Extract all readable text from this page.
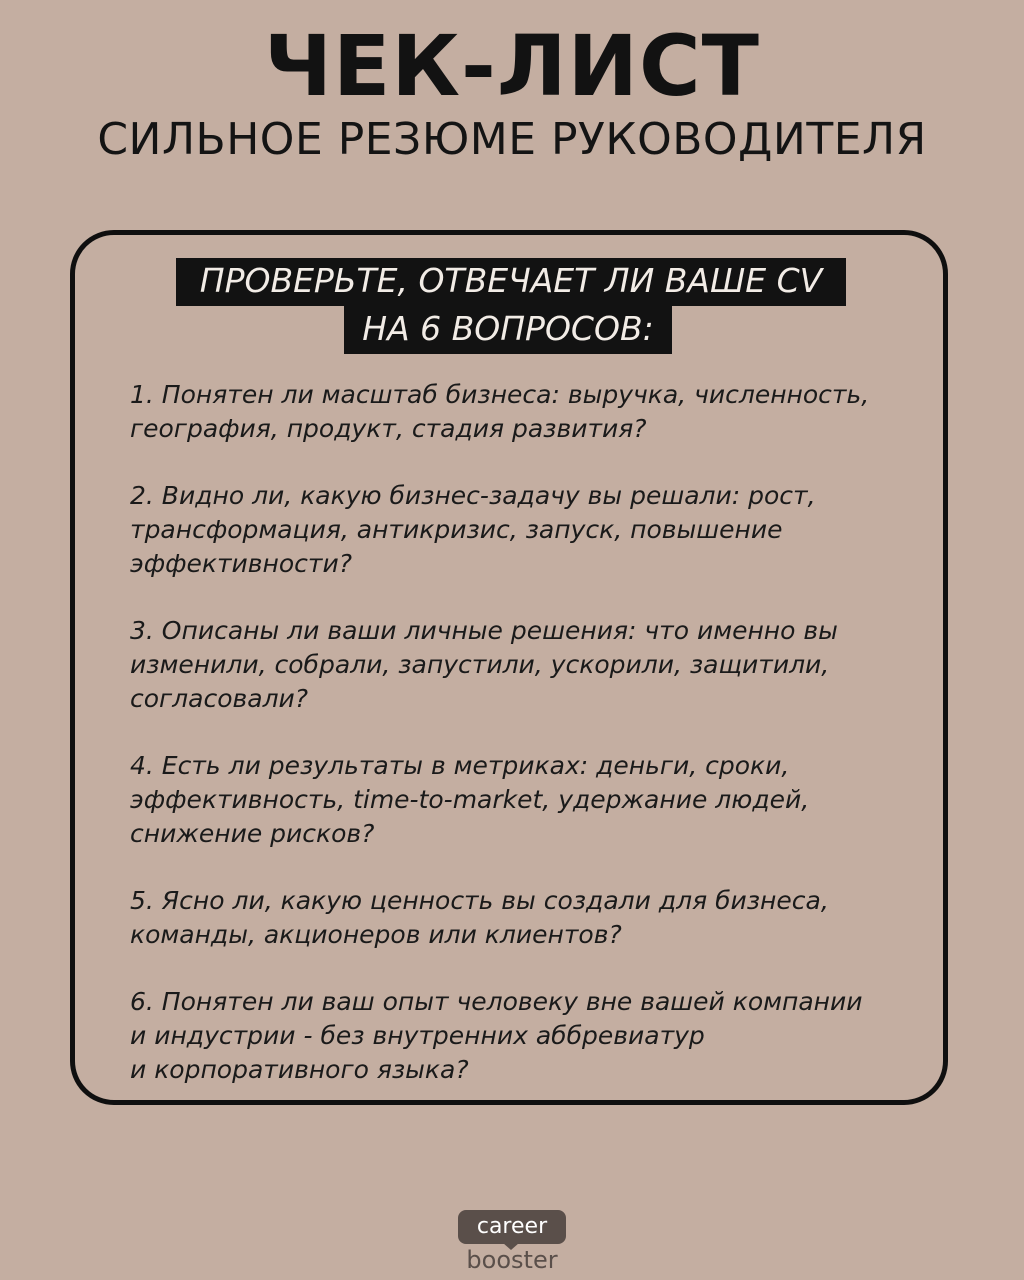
ЧЕК-ЛИСТ
СИЛЬНОЕ РЕЗЮМЕ РУКОВОДИТЕЛЯ
ПРОВЕРЬТЕ, ОТВЕЧАЕТ ЛИ ВАШЕ CV
НА 6 ВОПРОСОВ:
1. Понятен ли масштаб бизнеса: выручка, численность,
география, продукт, стадия развития?
2. Видно ли, какую бизнес-задачу вы решали: рост,
трансформация, антикризис, запуск, повышение
эффективности?
3. Описаны ли ваши личные решения: что именно вы
изменили, собрали, запустили, ускорили, защитили,
согласовали?
4. Есть ли результаты в метриках: деньги, сроки,
эффективность, time-to-market, удержание людей,
снижение рисков?
5. Ясно ли, какую ценность вы создали для бизнеса,
команды, акционеров или клиентов?
6. Понятен ли ваш опыт человеку вне вашей компании
и индустрии - без внутренних аббревиатур
и корпоративного языка?
career
booster
